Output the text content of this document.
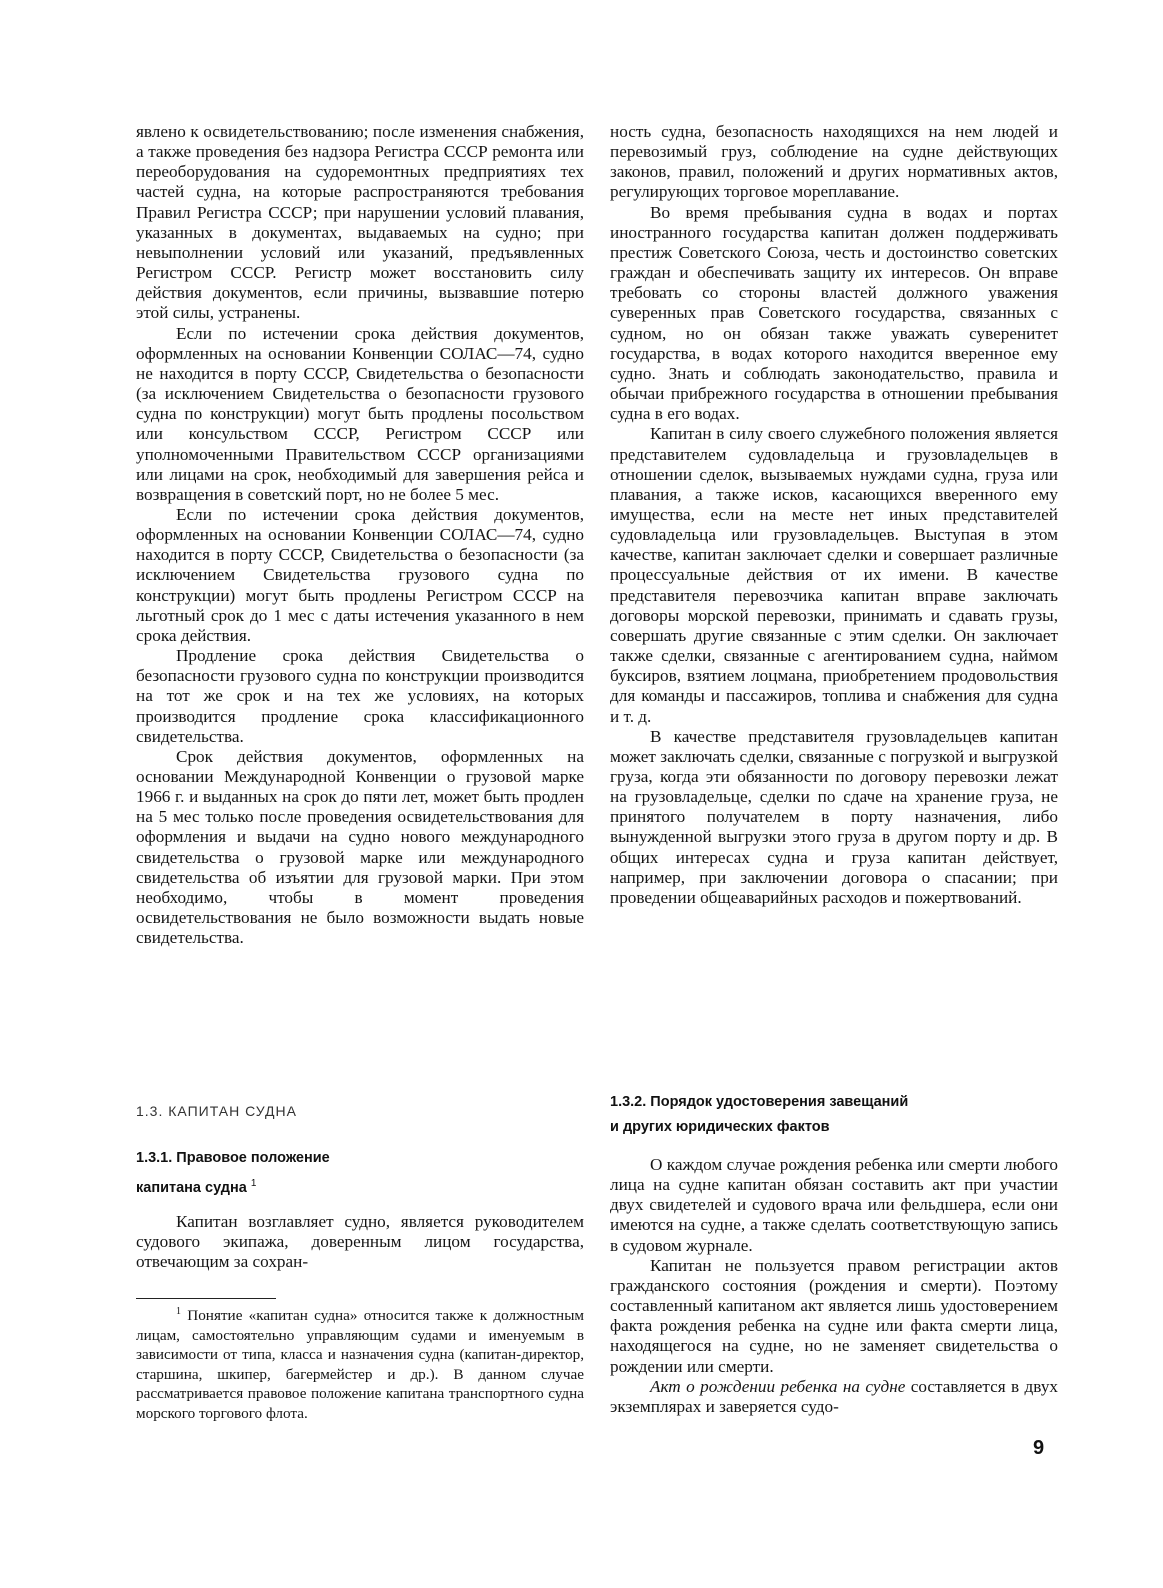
явлено к освидетельствованию; после изменения снабжения, а также проведения без надзора Регистра СССР ремонта или переоборудования на судоремонтных предприятиях тех частей судна, на которые распространяются требования Правил Регистра СССР; при нарушении условий плавания, указанных в документах, выдаваемых на судно; при невыполнении условий или указаний, предъявленных Регистром СССР. Регистр может восстановить силу действия документов, если причины, вызвавшие потерю этой силы, устранены.

Если по истечении срока действия документов, оформленных на основании Конвенции СОЛАС—74, судно не находится в порту СССР, Свидетельства о безопасности (за исключением Свидетельства о безопасности грузового судна по конструкции) могут быть продлены посольством или консульством СССР, Регистром СССР или уполномоченными Правительством СССР организациями или лицами на срок, необходимый для завершения рейса и возвращения в советский порт, но не более 5 мес.

Если по истечении срока действия документов, оформленных на основании Конвенции СОЛАС—74, судно находится в порту СССР, Свидетельства о безопасности (за исключением Свидетельства грузового судна по конструкции) могут быть продлены Регистром СССР на льготный срок до 1 мес с даты истечения указанного в нем срока действия.

Продление срока действия Свидетельства о безопасности грузового судна по конструкции производится на тот же срок и на тех же условиях, на которых производится продление срока классификационного свидетельства.

Срок действия документов, оформленных на основании Международной Конвенции о грузовой марке 1966 г. и выданных на срок до пяти лет, может быть продлен на 5 мес только после проведения освидетельствования для оформления и выдачи на судно нового международного свидетельства о грузовой марке или международного свидетельства об изъятии для грузовой марки. При этом необходимо, чтобы в момент проведения освидетельствования не было возможности выдать новые свидетельства.

1.3. КАПИТАН СУДНА
1.3.1. Правовое положение
капитана судна $^1$

Капитан возглавляет судно, является руководителем судового экипажа, доверенным лицом государства, отвечающим за сохран-

$^1$ Понятие «капитан судна» относится также к должностным лицам, самостоятельно управляющим судами и именуемым в зависимости от типа, класса и назначения судна (капитан-директор, старшина, шкипер, багермейстер и др.). В данном случае рассматривается правовое положение капитана транспортного судна морского торгового флота.

ность судна, безопасность находящихся на нем людей и перевозимый груз, соблюдение на судне действующих законов, правил, положений и других нормативных актов, регулирующих торговое мореплавание.

Во время пребывания судна в водах и портах иностранного государства капитан должен поддерживать престиж Советского Союза, честь и достоинство советских граждан и обеспечивать защиту их интересов. Он вправе требовать со стороны властей должного уважения суверенных прав Советского государства, связанных с судном, но он обязан также уважать суверенитет государства, в водах которого находится вверенное ему судно. Знать и соблюдать законодательство, правила и обычаи прибрежного государства в отношении пребывания судна в его водах.

Капитан в силу своего служебного положения является представителем судовладельца и грузовладельцев в отношении сделок, вызываемых нуждами судна, груза или плавания, а также исков, касающихся вверенного ему имущества, если на месте нет иных представителей судовладельца или грузовладельцев. Выступая в этом качестве, капитан заключает сделки и совершает различные процессуальные действия от их имени. В качестве представителя перевозчика капитан вправе заключать договоры морской перевозки, принимать и сдавать грузы, совершать другие связанные с этим сделки. Он заключает также сделки, связанные с агентированием судна, наймом буксиров, взятием лоцмана, приобретением продовольствия для команды и пассажиров, топлива и снабжения для судна и т. д.

В качестве представителя грузовладельцев капитан может заключать сделки, связанные с погрузкой и выгрузкой груза, когда эти обязанности по договору перевозки лежат на грузовладельце, сделки по сдаче на хранение груза, не принятого получателем в порту назначения, либо вынужденной выгрузки этого груза в другом порту и др. В общих интересах судна и груза капитан действует, например, при заключении договора о спасании; при проведении общеаварийных расходов и пожертвований.

1.3.2. Порядок удостоверения завещаний
и других юридических фактов

О каждом случае рождения ребенка или смерти любого лица на судне капитан обязан составить акт при участии двух свидетелей и судового врача или фельдшера, если они имеются на судне, а также сделать соответствующую запись в судовом журнале.

Капитан не пользуется правом регистрации актов гражданского состояния (рождения и смерти). Поэтому составленный капитаном акт является лишь удостоверением факта рождения ребенка на судне или факта смерти лица, находящегося на судне, но не заменяет свидетельства о рождении или смерти.

Акт о рождении ребенка на судне составляется в двух экземплярах и заверяется судо-

9
